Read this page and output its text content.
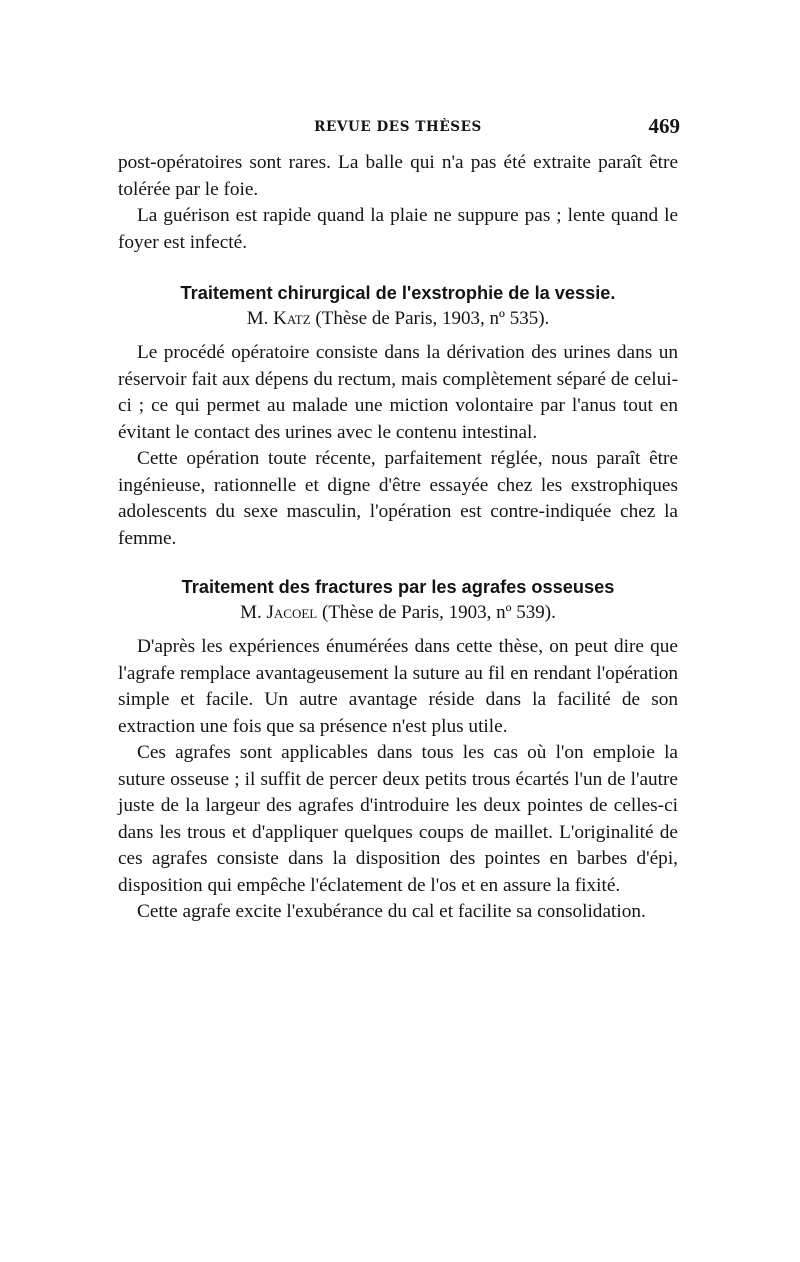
REVUE DES THÈSES	469

post-opératoires sont rares. La balle qui n'a pas été extraite paraît être tolérée par le foie.

La guérison est rapide quand la plaie ne suppure pas ; lente quand le foyer est infecté.

Traitement chirurgical de l'exstrophie de la vessie.
M. Katz (Thèse de Paris, 1903, nº 535).

Le procédé opératoire consiste dans la dérivation des urines dans un réservoir fait aux dépens du rectum, mais complètement séparé de celui-ci ; ce qui permet au malade une miction volontaire par l'anus tout en évitant le contact des urines avec le contenu intestinal.

Cette opération toute récente, parfaitement réglée, nous paraît être ingénieuse, rationnelle et digne d'être essayée chez les exstrophiques adolescents du sexe masculin, l'opération est contre-indiquée chez la femme.

Traitement des fractures par les agrafes osseuses
M. Jacoel (Thèse de Paris, 1903, nº 539).

D'après les expériences énumérées dans cette thèse, on peut dire que l'agrafe remplace avantageusement la suture au fil en rendant l'opération simple et facile. Un autre avantage réside dans la facilité de son extraction une fois que sa présence n'est plus utile.

Ces agrafes sont applicables dans tous les cas où l'on emploie la suture osseuse ; il suffit de percer deux petits trous écartés l'un de l'autre juste de la largeur des agrafes d'introduire les deux pointes de celles-ci dans les trous et d'appliquer quelques coups de maillet. L'originalité de ces agrafes consiste dans la disposition des pointes en barbes d'épi, disposition qui empêche l'éclatement de l'os et en assure la fixité.

Cette agrafe excite l'exubérance du cal et facilite sa consolidation.
